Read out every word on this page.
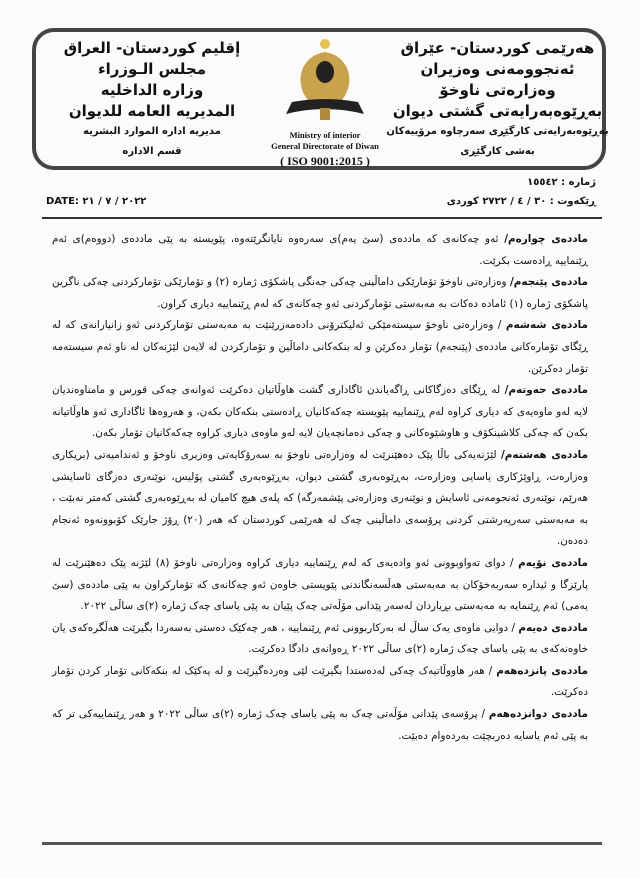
إقليم كوردستان- العراق
مجلس الـوزراء
وزاره الداخليه
المديريه العامه للديوان
مديريه اداره الموارد البشريه
قسم الاداره
Ministry of interior
General Directorate of Diwan
( ISO 9001:2015 )
هەرێمی کوردستان- عێراق
ئەنجوومەنی وەزیران
وەزارەتی ناوخۆ
بەڕێوەبەرایەتی گشتی دیوان
بەڕێوەبەرایەتی کارگێڕی سەرچاوە مرۆییەکان
بەشی کارگێڕی
ژمارە : ١٥٥٤٢
ڕێکەوت : ٣٠ / ٤ / ٢٧٢٢ کوردی
DATE: ٢٠٢٢ / ٧ / ٢١

ماددەی چوارەم/ ئەو چەکانەی کە ماددەی (سێ یەم)ی سەرەوە نایانگرێتەوە، پێویستە بە پێی ماددەی (دووەم)ی ئەم ڕێنماییە ڕادەست بکرێت.

ماددەی پێنجەم/ وەزارەتی ناوخۆ تۆمارێکی داماڵینی چەکی جەنگی پاشکۆی ژمارە (٢) و تۆمارێکی تۆمارکردنی چەکی ناگرین پاشکۆی ژمارە (١) ئامادە دەکات بە مەبەستی تۆمارکردنی ئەو چەکانەی کە لەم ڕێنماییە دیاری کراون.

ماددەی شەشەم / وەزارەتی ناوخۆ سیستەمێکی ئەلیکترۆنی دادەمەزرێنێت بە مەبەستی تۆمارکردنی ئەو زانیارانەی کە لە ڕێگای تۆمارەکانی ماددەی (پێنجەم) تۆمار دەکرێن و لە بنکەکانی داماڵین و تۆمارکردن لە لایەن لێژنەکان لە ناو ئەم سیستەمە تۆمار دەکرێن.

ماددەی حەوتەم/ لە ڕێگای دەزگاکانی ڕاگەیاندن ئاگاداری گشت هاوڵاتیان دەکرێت ئەوانەی چەکی قورس و مامناوەندیان لایە لەو ماوەیەی کە دیاری کراوە لەم ڕێنماییە پێویستە چەکەکانیان ڕادەستی بنکەکان بکەن، و هەروەها ئاگاداری ئەو هاوڵاتیانە بکەن کە چەکی کلاشینکۆف و هاوشێوەکانی و چەکی دەمانچەیان لایە لەو ماوەی دیاری کراوە چەکەکانیان تۆمار بکەن.

ماددەی هەشتەم/ لێژنەیەکی باڵا پێک دەهێنرێت لە وەزارەتی ناوخۆ بە سەرۆکایەتی وەزیری ناوخۆ و ئەندامیەتی (بریکاری وەزارەت، ڕاوێژکاری یاسایی وەزارەت، بەڕێوەبەری گشتی دیوان، بەڕێوەبەری گشتی پۆلیس، نوێنەری دەزگای ئاسایشی هەرێم، نوێنەری ئەنجومەنی ئاسایش و نوێنەری وەزارەتی پێشمەرگە) کە پلەی هیچ کامیان لە بەڕێوەبەری گشتی کەمتر نەبێت ، بە مەبەستی سەرپەرشتی کردنی پرۆسەی داماڵینی چەک لە هەرێمی کوردستان کە هەر (٢٠) ڕۆژ جارێک کۆبوونەوە ئەنجام دەدەن.

ماددەی نۆیەم / دوای تەواوبوونی ئەو وادەیەی کە لەم ڕێنماییە دیاری کراوە وەزارەتی ناوخۆ (٨) لێژنە پێک دەهێنرێت لە پارێزگا و ئیدارە سەربەخۆکان بە مەبەستی هەڵسەنگاندنی پێویستی خاوەن ئەو چەکانەی کە تۆمارکراون بە پێی ماددەی (سێ یەمی) ئەم ڕێنمایە بە مەبەستی بڕیاردان لەسەر پێدانی مۆڵەتی چەک پێیان بە پێی یاسای چەک ژمارە (٢)ی ساڵی ٢٠٢٢.

ماددەی دەیەم / دوایی ماوەی یەک ساڵ لە بەرکاربوونی ئەم ڕێنماییە ، هەر چەکێک دەستی بەسەردا بگیرێت هەڵگرەکەی یان خاوەنەکەی بە پێی یاسای چەک ژمارە (٢)ی ساڵی ٢٠٢٢ ڕەوانەی دادگا دەکرێت.

ماددەی پانزدەهەم / هەر هاووڵاتیەک چەکی لەدەستدا بگیرێت لێی وەردەگیرێت و لە یەکێک لە بنکەکانی تۆمار کردن تۆمار دەکرێت.

ماددەی دوانزدەهەم / پرۆسەی پێدانی مۆڵەتی چەک بە پێی یاسای چەک ژمارە (٢)ی ساڵی ٢٠٢٢ و هەر ڕێنماییەکی تر کە بە پێی ئەم یاسایە دەربچێت بەردەوام دەبێت.
